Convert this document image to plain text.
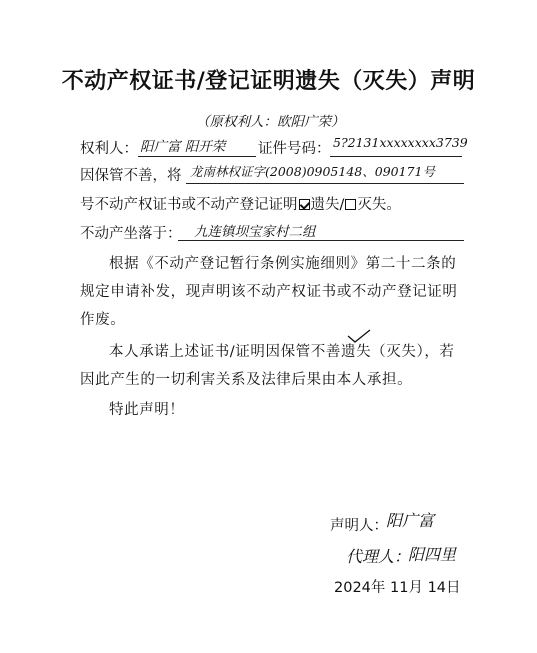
不动产权证书/登记证明遗失（灭失）声明
（原权利人：欧阳广荣）
权利人： 阳广富 阳开荣 证件号码： 5?2131xxxxxxxx3739
因保管不善，将 龙南林权证字(2008)0905148、090171号
号不动产权证书或不动产登记证明 遗失/ 灭失。
不动产坐落于： 九连镇坝宝家村二组
根据《不动产登记暂行条例实施细则》第二十二条的规定申请补发，现声明该不动产权证书或不动产登记证明作废。
本人承诺上述证书/证明因保管不善遗失（灭失），若因此产生的一切利害关系及法律后果由本人承担。
特此声明！
声明人：
阳广富
代理人：
阳四里
2024年 11月 14日
